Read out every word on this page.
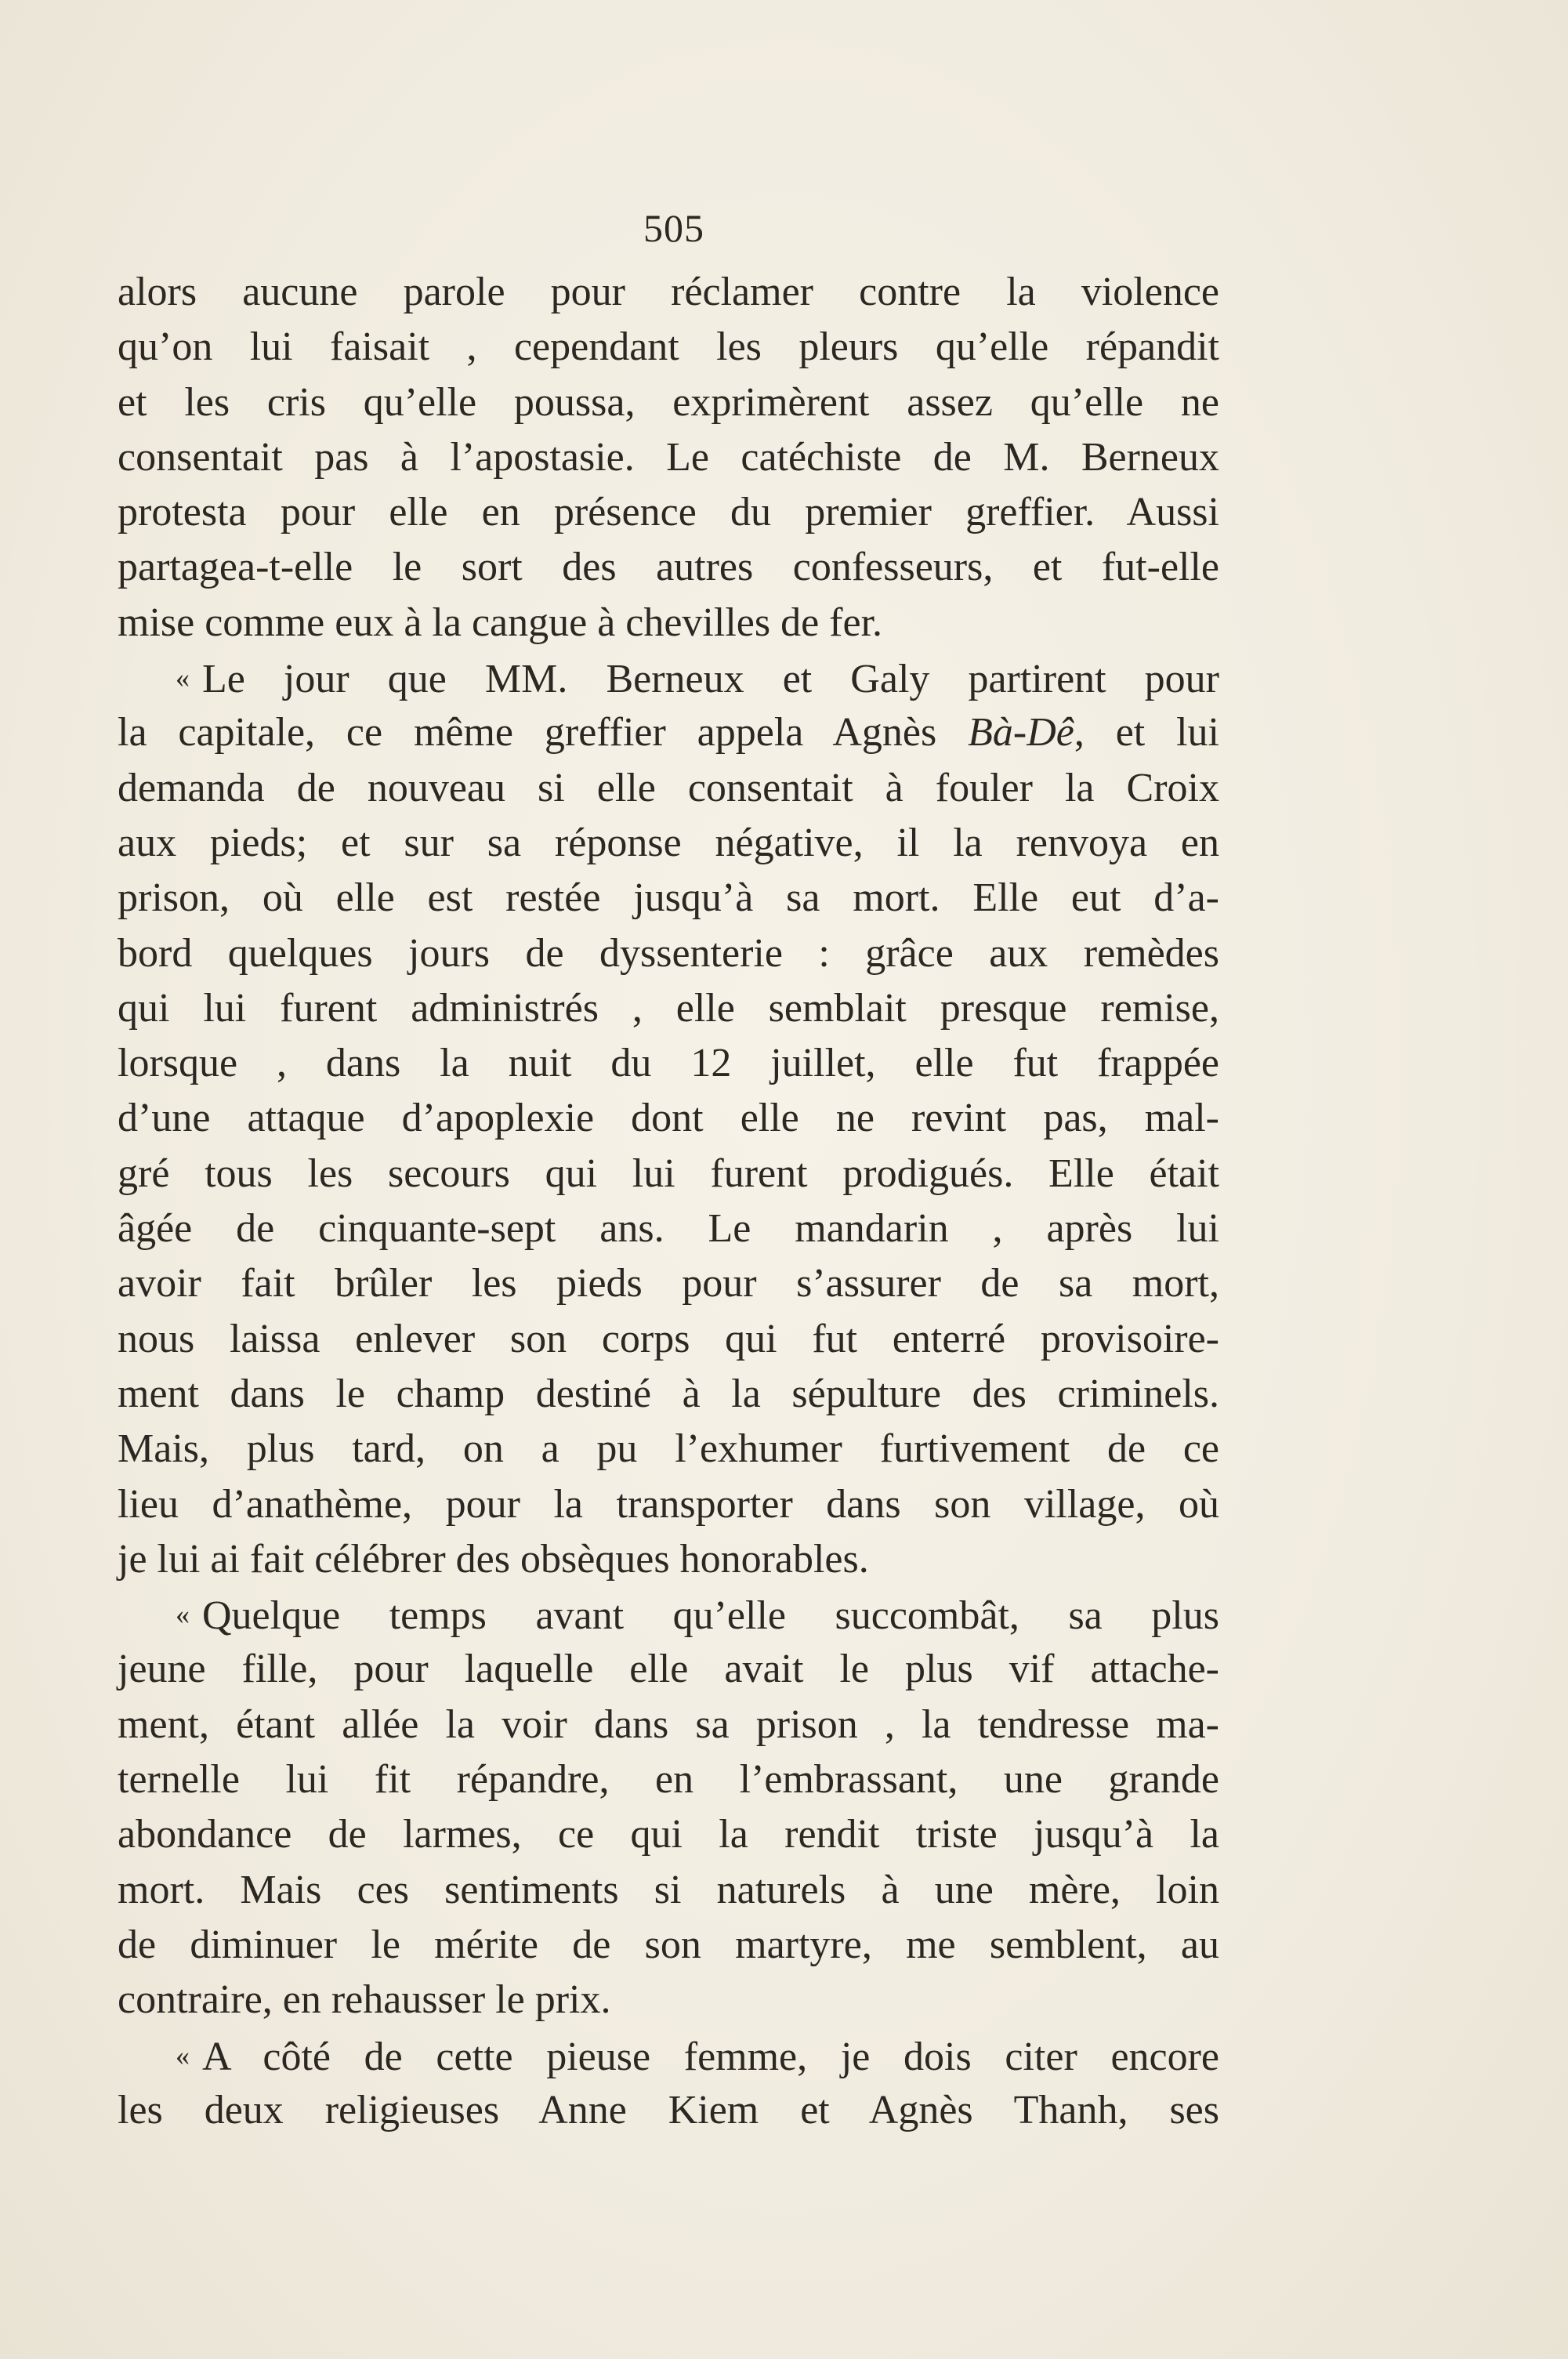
505
alors aucune parole pour réclamer contre la violence
qu’on lui faisait , cependant les pleurs qu’elle répandit
et les cris qu’elle poussa, exprimèrent assez qu’elle ne
consentait pas à l’apostasie. Le catéchiste de M. Berneux
protesta pour elle en présence du premier greffier. Aussi
partagea-t-elle le sort des autres confesseurs, et fut-elle
mise comme eux à la cangue à chevilles de fer.
« Le jour que MM. Berneux et Galy partirent pour
la capitale, ce même greffier appela Agnès Bà-Dê, et lui
demanda de nouveau si elle consentait à fouler la Croix
aux pieds; et sur sa réponse négative, il la renvoya en
prison, où elle est restée jusqu’à sa mort. Elle eut d’a-
bord quelques jours de dyssenterie : grâce aux remèdes
qui lui furent administrés , elle semblait presque remise,
lorsque , dans la nuit du 12 juillet, elle fut frappée
d’une attaque d’apoplexie dont elle ne revint pas, mal-
gré tous les secours qui lui furent prodigués. Elle était
âgée de cinquante-sept ans. Le mandarin , après lui
avoir fait brûler les pieds pour s’assurer de sa mort,
nous laissa enlever son corps qui fut enterré provisoire-
ment dans le champ destiné à la sépulture des criminels.
Mais, plus tard, on a pu l’exhumer furtivement de ce
lieu d’anathème, pour la transporter dans son village, où
je lui ai fait célébrer des obsèques honorables.
« Quelque temps avant qu’elle succombât, sa plus
jeune fille, pour laquelle elle avait le plus vif attache-
ment, étant allée la voir dans sa prison , la tendresse ma-
ternelle lui fit répandre, en l’embrassant, une grande
abondance de larmes, ce qui la rendit triste jusqu’à la
mort. Mais ces sentiments si naturels à une mère, loin
de diminuer le mérite de son martyre, me semblent, au
contraire, en rehausser le prix.
« A côté de cette pieuse femme, je dois citer encore
les deux religieuses Anne Kiem et Agnès Thanh, ses
